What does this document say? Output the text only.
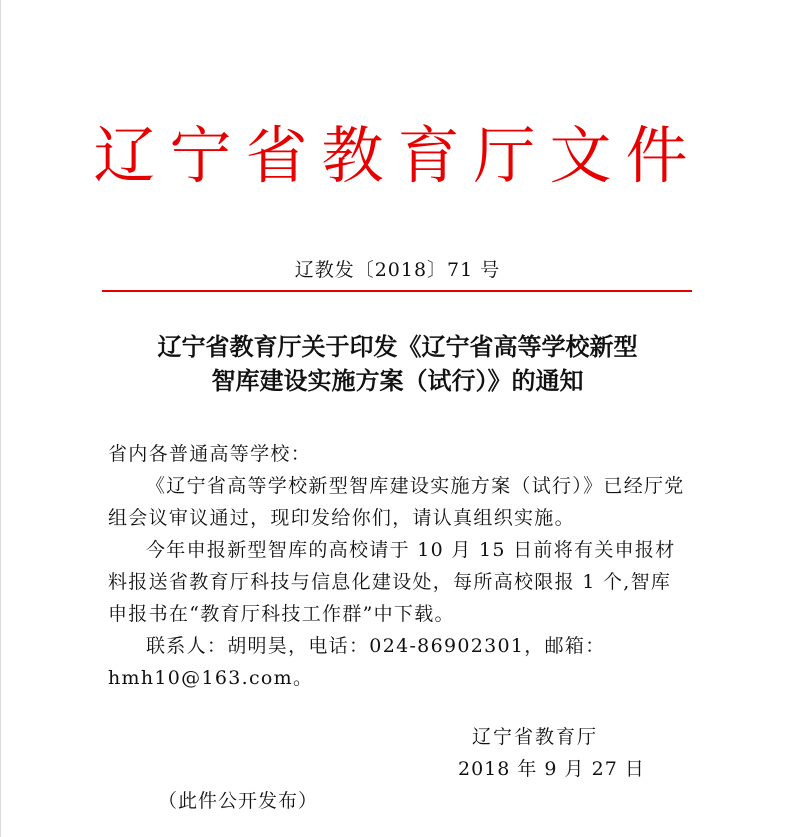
辽宁省教育厅文件
辽教发〔2018〕71 号
辽宁省教育厅关于印发《辽宁省高等学校新型
智库建设实施方案（试行）》的通知

省内各普通高等学校：

《辽宁省高等学校新型智库建设实施方案（试行）》已经厅党组会议审议通过，现印发给你们，请认真组织实施。

今年申报新型智库的高校请于 10 月 15 日前将有关申报材料报送省教育厅科技与信息化建设处，每所高校限报 1 个,智库申报书在“教育厅科技工作群”中下载。

联系人：胡明昊，电话：024-86902301，邮箱：hmh10@163.com。

辽宁省教育厅
2018 年 9 月 27 日
（此件公开发布）
